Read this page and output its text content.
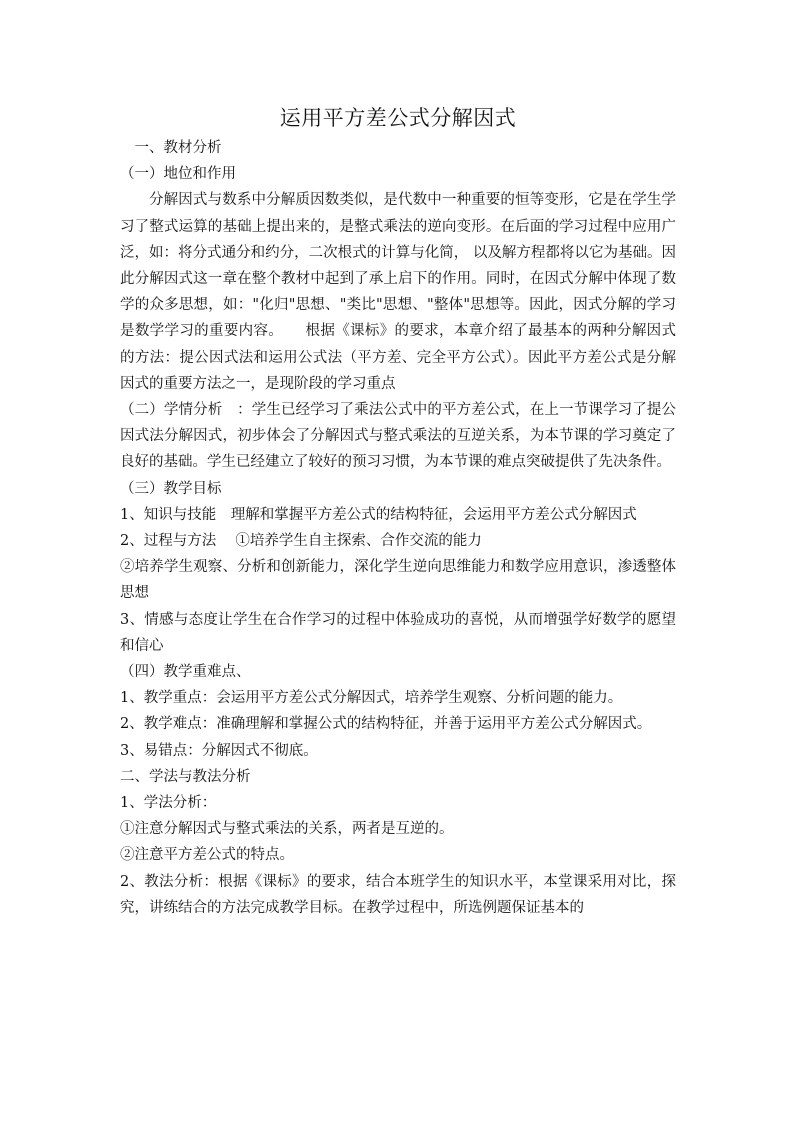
运用平方差公式分解因式

一、教材分析

（一）地位和作用

分解因式与数系中分解质因数类似，是代数中一种重要的恒等变形，它是在学生学习了整式运算的基础上提出来的，是整式乘法的逆向变形。在后面的学习过程中应用广泛，如：将分式通分和约分，二次根式的计算与化简， 以及解方程都将以它为基础。因此分解因式这一章在整个教材中起到了承上启下的作用。同时，在因式分解中体现了数学的众多思想，如："化归"思想、"类比"思想、"整体"思想等。因此，因式分解的学习是数学学习的重要内容。　　根据《课标》的要求，本章介绍了最基本的两种分解因式的方法：提公因式法和运用公式法（平方差、完全平方公式）。因此平方差公式是分解因式的重要方法之一，是现阶段的学习重点

（二）学情分析　：学生已经学习了乘法公式中的平方差公式，在上一节课学习了提公因式法分解因式，初步体会了分解因式与整式乘法的互逆关系，为本节课的学习奠定了良好的基础。学生已经建立了较好的预习习惯，为本节课的难点突破提供了先决条件。

（三）教学目标

1、知识与技能　理解和掌握平方差公式的结构特征，会运用平方差公式分解因式

2、过程与方法　 ①培养学生自主探索、合作交流的能力

②培养学生观察、分析和创新能力，深化学生逆向思维能力和数学应用意识，渗透整体思想

3、情感与态度让学生在合作学习的过程中体验成功的喜悦，从而增强学好数学的愿望和信心

（四）教学重难点、

1、教学重点：会运用平方差公式分解因式，培养学生观察、分析问题的能力。

2、教学难点：准确理解和掌握公式的结构特征，并善于运用平方差公式分解因式。

3、易错点：分解因式不彻底。

二、学法与教法分析

1、学法分析：

①注意分解因式与整式乘法的关系，两者是互逆的。

②注意平方差公式的特点。

2、教法分析：根据《课标》的要求，结合本班学生的知识水平，本堂课采用对比，探究，讲练结合的方法完成教学目标。在教学过程中，所选例题保证基本的
